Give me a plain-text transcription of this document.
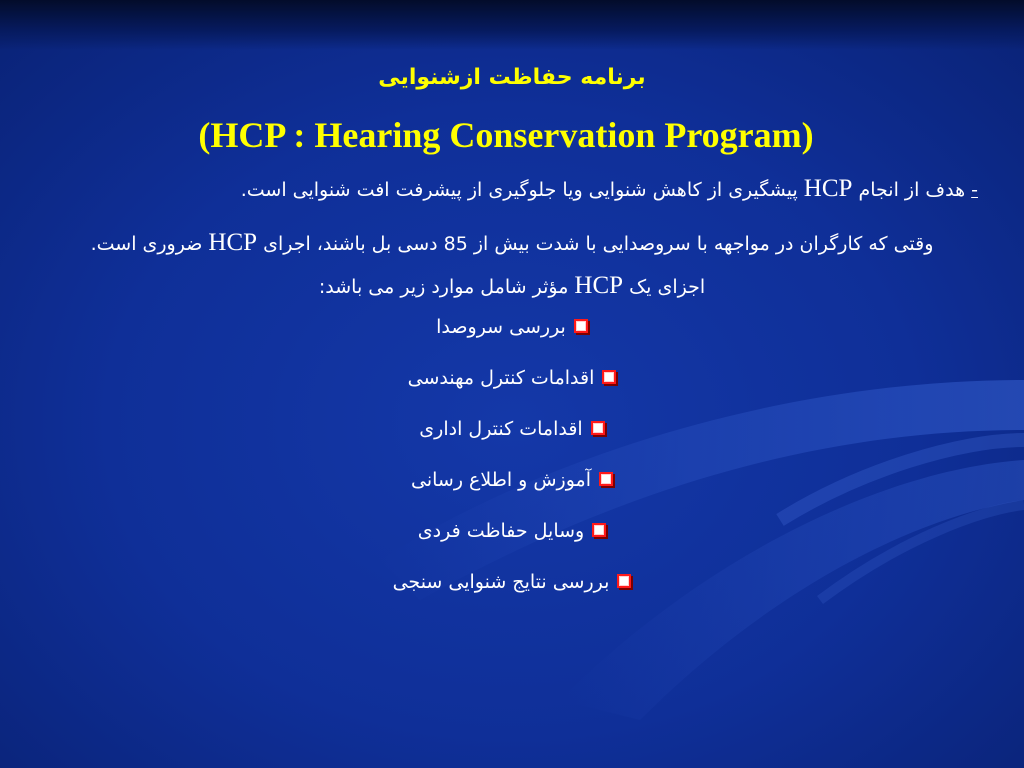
برنامه حفاظت ازشنوایی
(HCP : Hearing Conservation Program)
- هدف از انجام HCP پیشگیری از کاهش شنوایی ویا جلوگیری از پیشرفت افت شنوایی است.
وقتی که کارگران در مواجهه با سروصدایی با شدت بیش از 85 دسی بل باشند، اجرای HCP ضروری است. اجزای یک HCP مؤثر شامل موارد زیر می باشد:
بررسی سروصدا
اقدامات کنترل مهندسی
اقدامات کنترل اداری
آموزش و اطلاع رسانی
وسایل حفاظت فردی
بررسی نتایج شنوایی سنجی
